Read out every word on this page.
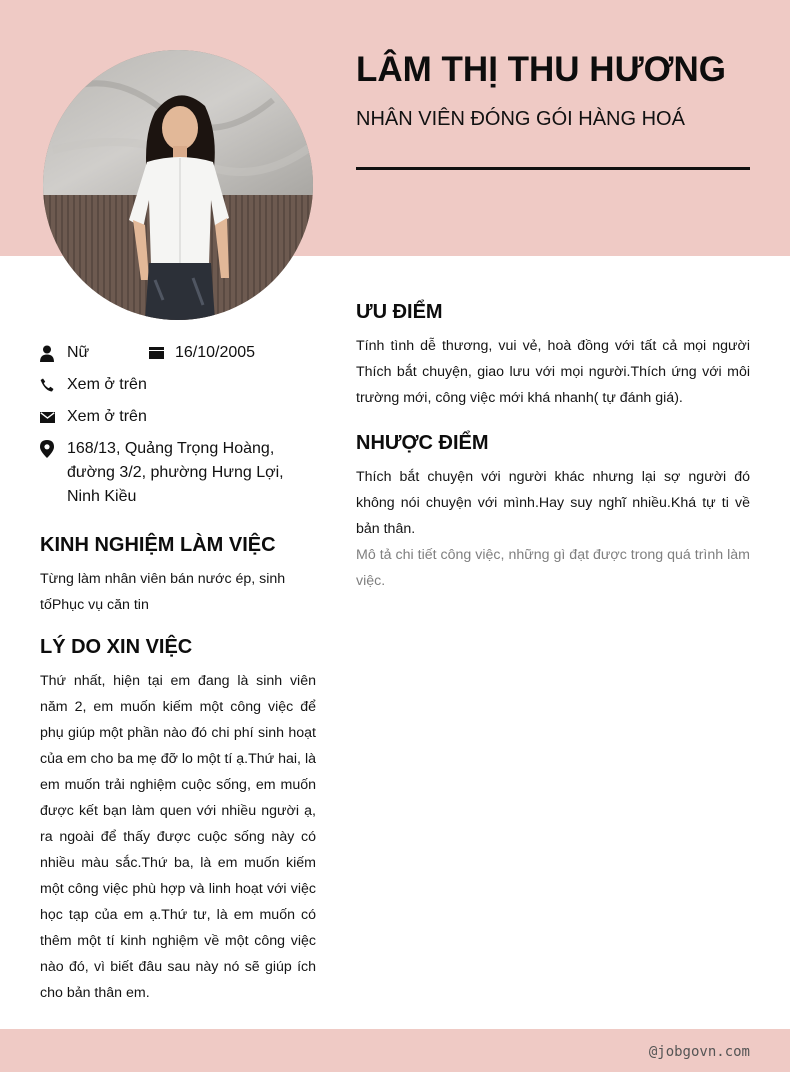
LÂM THỊ THU HƯƠNG
NHÂN VIÊN ĐÓNG GÓI HÀNG HOÁ
Nữ	16/10/2005
Xem ở trên
Xem ở trên
168/13, Quảng Trọng Hoàng, đường 3/2, phường Hưng Lợi, Ninh Kiều
KINH NGHIỆM LÀM VIỆC
Từng làm nhân viên bán nước ép, sinh tốPhục vụ căn tin
LÝ DO XIN VIỆC
Thứ nhất, hiện tại em đang là sinh viên năm 2, em muốn kiếm một công việc để phụ giúp một phần nào đó chi phí sinh hoạt của em cho ba mẹ đỡ lo một tí ạ.Thứ hai, là em muốn trải nghiệm cuộc sống, em muốn được kết bạn làm quen với nhiều người ạ, ra ngoài để thấy được cuộc sống này có nhiều màu sắc.Thứ ba, là em muốn kiếm một công việc phù hợp và linh hoạt với việc học tạp của em ạ.Thứ tư, là em muốn có thêm một tí kinh nghiệm về một công việc nào đó, vì biết đâu sau này nó sẽ giúp ích cho bản thân em.
ƯU ĐIỂM
Tính tình dễ thương, vui vẻ, hoà đồng với tất cả mọi người Thích bắt chuyện, giao lưu với mọi người.Thích ứng với môi trường mới, công việc mới khá nhanh( tự đánh giá).
NHƯỢC ĐIỂM
Thích bắt chuyện với người khác nhưng lại sợ người đó không nói chuyện với mình.Hay suy nghĩ nhiều.Khá tự ti về bản thân.
Mô tả chi tiết công việc, những gì đạt được trong quá trình làm việc.
@jobgovn.com
